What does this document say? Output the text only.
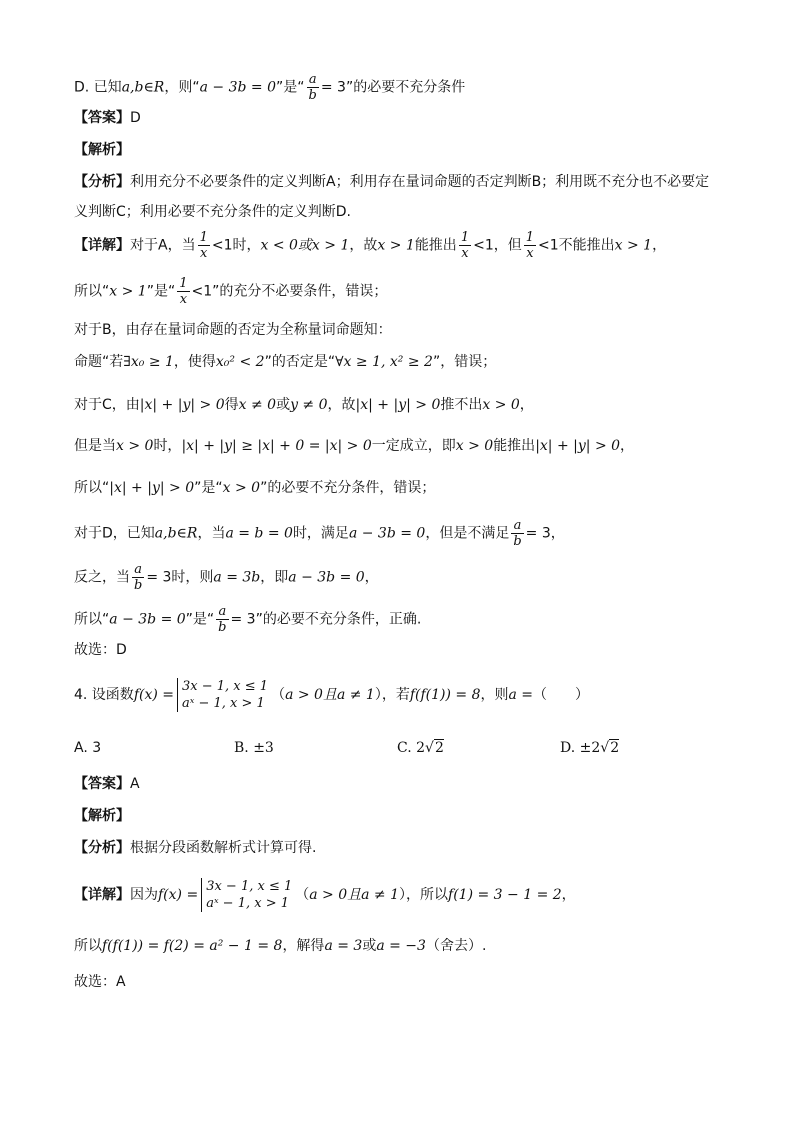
D. 已知a,b∈R，则“a − 3b = 0”是“ $\frac{a}{b} = 3$”的必要不充分条件
【答案】D
【解析】
【分析】利用充分不必要条件的定义判断A；利用存在量词命题的否定判断B；利用既不充分也不必要定
义判断C；利用必要不充分条件的定义判断D.
【详解】对于A，当 $\frac{1}{x} <1$时，x < 0或x > 1，故x > 1能推出 $\frac{1}{x} <1$，但 $\frac{1}{x} <1$不能推出x > 1，
所以“x > 1”是“ $\frac{1}{x} <1$”的充分不必要条件，错误；
对于B，由存在量词命题的否定为全称量词命题知：
命题“若∃x₀ ≥ 1，使得x₀² < 2”的否定是“∀x ≥ 1, x² ≥ 2”，错误；
对于C，由|x| + |y| > 0得x ≠ 0或y ≠ 0，故|x| + |y| > 0推不出x > 0，
但是当x > 0时，|x| + |y| ≥ |x| + 0 = |x| > 0一定成立，即x > 0能推出|x| + |y| > 0，
所以“|x| + |y| > 0”是“x > 0”的必要不充分条件，错误；
对于D，已知a,b∈R，当a = b = 0时，满足a − 3b = 0，但是不满足 $\frac{a}{b} = 3$，
反之，当 $\frac{a}{b} = 3$时，则a = 3b，即a − 3b = 0，
所以“a − 3b = 0”是“ $\frac{a}{b} = 3$”的必要不充分条件，正确.
故选：D
4. 设函数f(x) =
3x − 1, x ≤ 1
aˣ − 1, x > 1
（a > 0且a ≠ 1），若f(f(1)) = 8，则a =（　　）
A. 3	B. ±3	C. 2√2	D. ±2√2
【答案】A
【解析】
【分析】根据分段函数解析式计算可得.
【详解】因为f(x) =
3x − 1, x ≤ 1
aˣ − 1, x > 1
（a > 0且a ≠ 1），所以f(1) = 3 − 1 = 2，
所以f(f(1)) = f(2) = a² − 1 = 8，解得a = 3或a = −3（舍去）.
故选：A
